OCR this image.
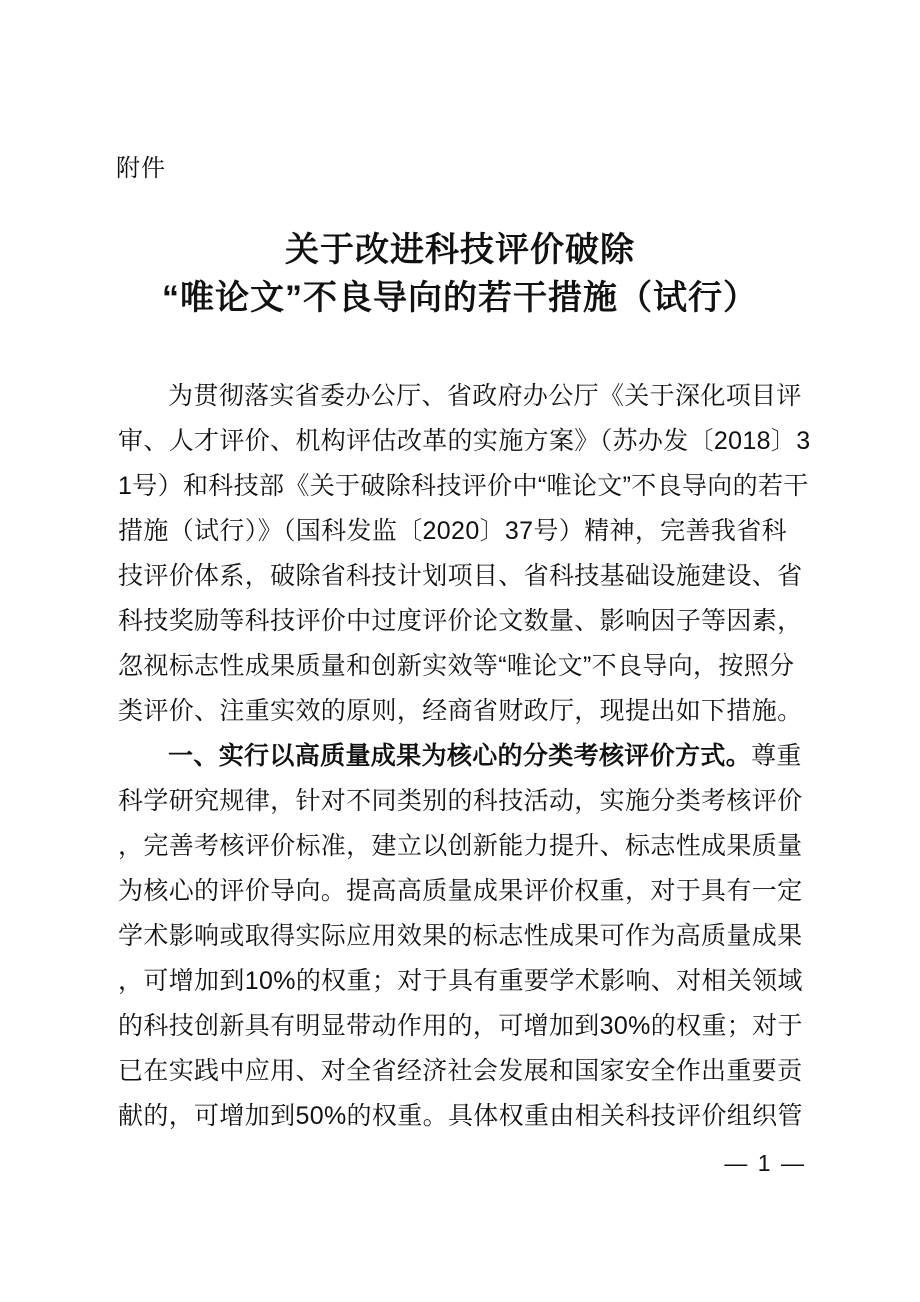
附件
关于改进科技评价破除
“唯论文”不良导向的若干措施（试行）
为贯彻落实省委办公厅、省政府办公厅《关于深化项目评
审、人才评价、机构评估改革的实施方案》（苏办发〔2018〕3
1号）和科技部《关于破除科技评价中“唯论文”不良导向的若干
措施（试行）》（国科发监〔2020〕37号）精神，完善我省科
技评价体系，破除省科技计划项目、省科技基础设施建设、省
科技奖励等科技评价中过度评价论文数量、影响因子等因素，
忽视标志性成果质量和创新实效等“唯论文”不良导向，按照分
类评价、注重实效的原则，经商省财政厅，现提出如下措施。
一、实行以高质量成果为核心的分类考核评价方式。尊重
科学研究规律，针对不同类别的科技活动，实施分类考核评价
，完善考核评价标准，建立以创新能力提升、标志性成果质量
为核心的评价导向。提高高质量成果评价权重，对于具有一定
学术影响或取得实际应用效果的标志性成果可作为高质量成果
，可增加到10%的权重；对于具有重要学术影响、对相关领域
的科技创新具有明显带动作用的，可增加到30%的权重；对于
已在实践中应用、对全省经济社会发展和国家安全作出重要贡
献的，可增加到50%的权重。具体权重由相关科技评价组织管
— 1 —
